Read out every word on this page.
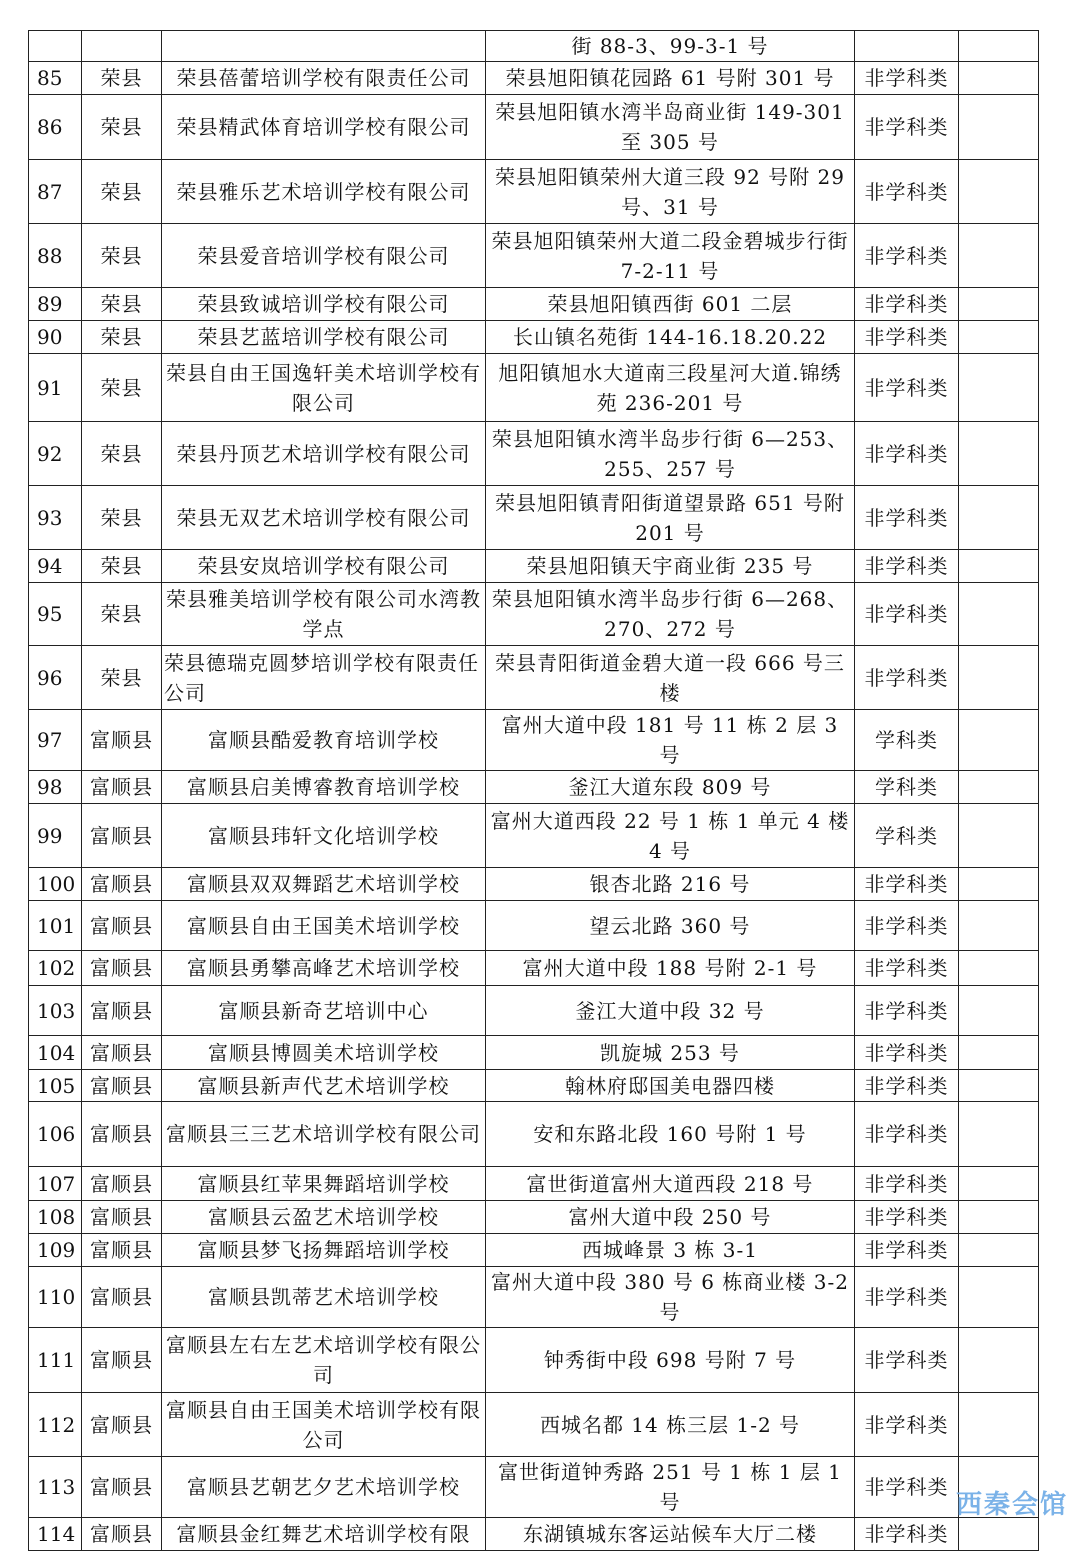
			街 88-3、99-3-1 号		
85	荣县	荣县蓓蕾培训学校有限责任公司	荣县旭阳镇花园路 61 号附 301 号	非学科类	
86	荣县	荣县精武体育培训学校有限公司	荣县旭阳镇水湾半岛商业街 149-301 至 305 号	非学科类	
87	荣县	荣县雅乐艺术培训学校有限公司	荣县旭阳镇荣州大道三段 92 号附 29 号、31 号	非学科类	
88	荣县	荣县爱音培训学校有限公司	荣县旭阳镇荣州大道二段金碧城步行街 7-2-11 号	非学科类	
89	荣县	荣县致诚培训学校有限公司	荣县旭阳镇西街 601 二层	非学科类	
90	荣县	荣县艺蓝培训学校有限公司	长山镇名苑街 144-16.18.20.22	非学科类	
91	荣县	荣县自由王国逸轩美术培训学校有限公司	旭阳镇旭水大道南三段星河大道.锦绣苑 236-201 号	非学科类	
92	荣县	荣县丹顶艺术培训学校有限公司	荣县旭阳镇水湾半岛步行街 6—253、255、257 号	非学科类	
93	荣县	荣县无双艺术培训学校有限公司	荣县旭阳镇青阳街道望景路 651 号附 201 号	非学科类	
94	荣县	荣县安岚培训学校有限公司	荣县旭阳镇天宇商业街 235 号	非学科类	
95	荣县	荣县雅美培训学校有限公司水湾教学点	荣县旭阳镇水湾半岛步行街 6—268、270、272 号	非学科类	
96	荣县	荣县德瑞克圆梦培训学校有限责任公司	荣县青阳街道金碧大道一段 666 号三楼	非学科类	
97	富顺县	富顺县酷爱教育培训学校	富州大道中段 181 号 11 栋 2 层 3 号	学科类	
98	富顺县	富顺县启美博睿教育培训学校	釜江大道东段 809 号	学科类	
99	富顺县	富顺县玮轩文化培训学校	富州大道西段 22 号 1 栋 1 单元 4 楼 4 号	学科类	
100	富顺县	富顺县双双舞蹈艺术培训学校	银杏北路 216 号	非学科类	
101	富顺县	富顺县自由王国美术培训学校	望云北路 360 号	非学科类	
102	富顺县	富顺县勇攀高峰艺术培训学校	富州大道中段 188 号附 2-1 号	非学科类	
103	富顺县	富顺县新奇艺培训中心	釜江大道中段 32 号	非学科类	
104	富顺县	富顺县博圆美术培训学校	凯旋城 253 号	非学科类	
105	富顺县	富顺县新声代艺术培训学校	翰林府邸国美电器四楼	非学科类	
106	富顺县	富顺县三三艺术培训学校有限公司	安和东路北段 160 号附 1 号	非学科类	
107	富顺县	富顺县红苹果舞蹈培训学校	富世街道富州大道西段 218 号	非学科类	
108	富顺县	富顺县云盈艺术培训学校	富州大道中段 250 号	非学科类	
109	富顺县	富顺县梦飞扬舞蹈培训学校	西城峰景 3 栋 3-1	非学科类	
110	富顺县	富顺县凯蒂艺术培训学校	富州大道中段 380 号 6 栋商业楼 3-2 号	非学科类	
111	富顺县	富顺县左右左艺术培训学校有限公司	钟秀街中段 698 号附 7 号	非学科类	
112	富顺县	富顺县自由王国美术培训学校有限公司	西城名都 14 栋三层 1-2 号	非学科类	
113	富顺县	富顺县艺朝艺夕艺术培训学校	富世街道钟秀路 251 号 1 栋 1 层 1 号	非学科类	
114	富顺县	富顺县金红舞艺术培训学校有限	东湖镇城东客运站候车大厅二楼	非学科类	
西秦会馆
